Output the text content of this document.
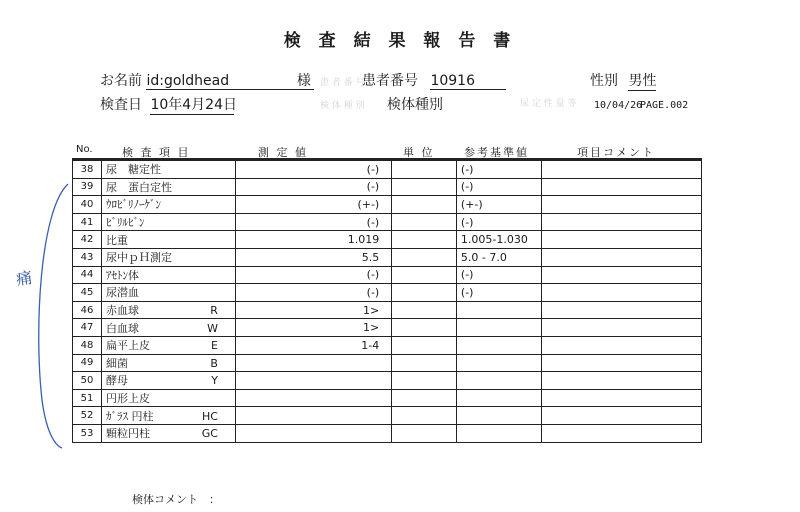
患 者 番 号
尿 定 性 量 等
検 体 種 別
検 査 結 果 報 告 書
お名前 id:goldhead	様	患者番号 10916	性別 男性
検査日 10年4月24日	検体種別	10/04/26
PAGE.002
No.	検 査 項 目	測 定 値	単 位	参考基準値	項目コメント
38	尿　糖定性	(-)		(-)	
39	尿　蛋白定性	(-)		(-)	
40	ｳﾛﾋﾞﾘﾉｰｹﾞﾝ	(+-)		(+-)	
41	ﾋﾞﾘﾙﾋﾞﾝ	(-)		(-)	
42	比重	1.019		1.005-1.030	
43	尿中ｐＨ測定	5.5		5.0 - 7.0	
44	ｱｾﾄﾝ体	(-)		(-)	
45	尿潜血	(-)		(-)	
46	赤血球 R	1>			
47	白血球 W	1>			
48	扁平上皮 E	1-4			
49	細菌 B				
50	酵母 Y				
51	円形上皮				
52	ｶﾞﾗｽ 円柱 HC				
53	顆粒円柱 GC				
痛
検体コメント　：
